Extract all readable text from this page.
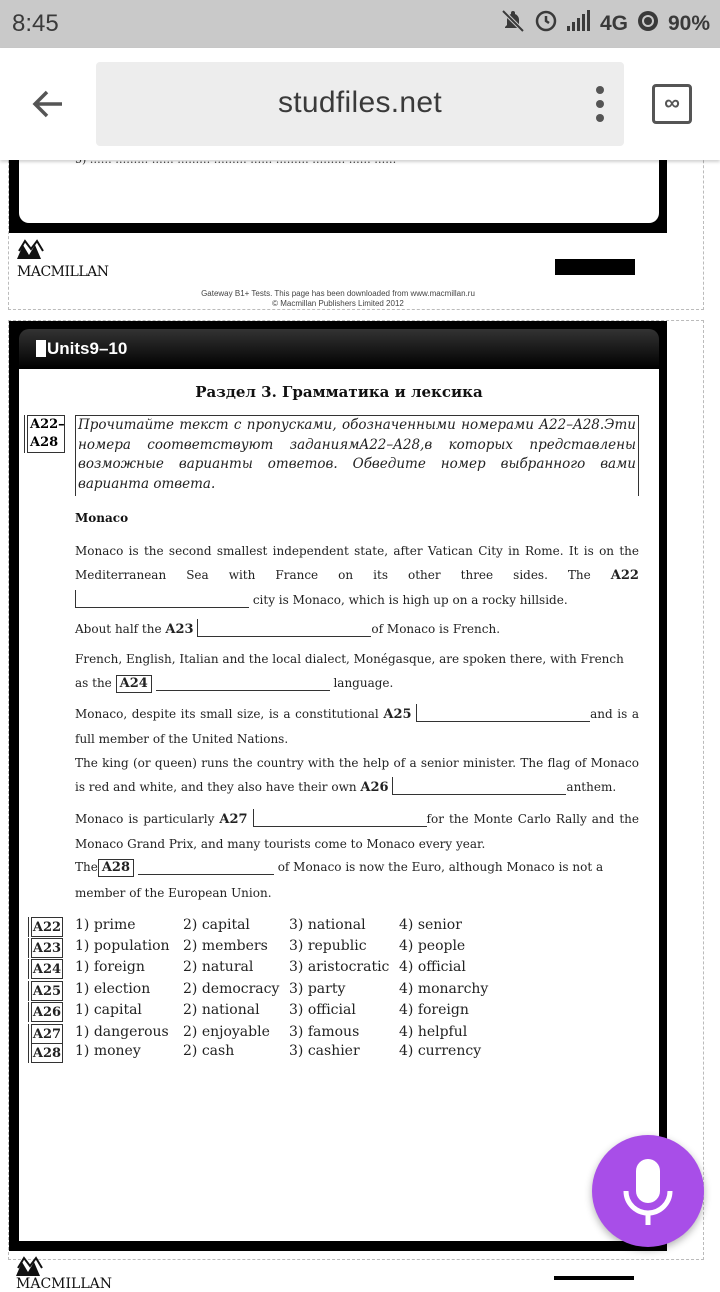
8:45	4G 90%
studfiles.net	∞
MACMILLAN
Gateway B1+ Tests. This page has been downloaded from www.macmillan.ru
© Macmillan Publishers Limited 2012
Units9–10
Раздел 3. Грамматика и лексика
A22–
A28
Прочитайте текст с пропусками, обозначенными номерами A22–A28.Эти номера соответствуют заданиямA22–A28,в которых представлены возможные варианты ответов. Обведите номер выбранного вами варианта ответа.
Monaco
Monaco is the second smallest independent state, after Vatican City in Rome. It is on the Mediterranean Sea with France on its other three sides. The A22  city is Monaco, which is high up on a rocky hillside.
About half the A23	of Monaco is French.
French, English, Italian and the local dialect, Monégasque, are spoken there, with French as the A24	language.
Monaco, despite its small size, is a constitutional A25	and is a full member of the United Nations.
The king (or queen) runs the country with the help of a senior minister. The flag of Monaco is red and white, and they also have their own A26	anthem.
Monaco is particularly A27	for the Monte Carlo Rally and the Monaco Grand Prix, and many tourists come to Monaco every year.
The A28	of Monaco is now the Euro, although Monaco is not a member of the European Union.
A22 1) prime	2) capital	3) national 4) senior
A23 1) population 2) members 3) republic 4) people
A24 1) foreign	2) natural	3) aristocratic 4) official
A25 1) election 2) democracy 3) party	4) monarchy
A26 1) capital	2) national 3) official	4) foreign
A27 1) dangerous 2) enjoyable 3) famous	4) helpful
A28 1) money	2) cash	3) cashier	4) currency
MACMILLAN
